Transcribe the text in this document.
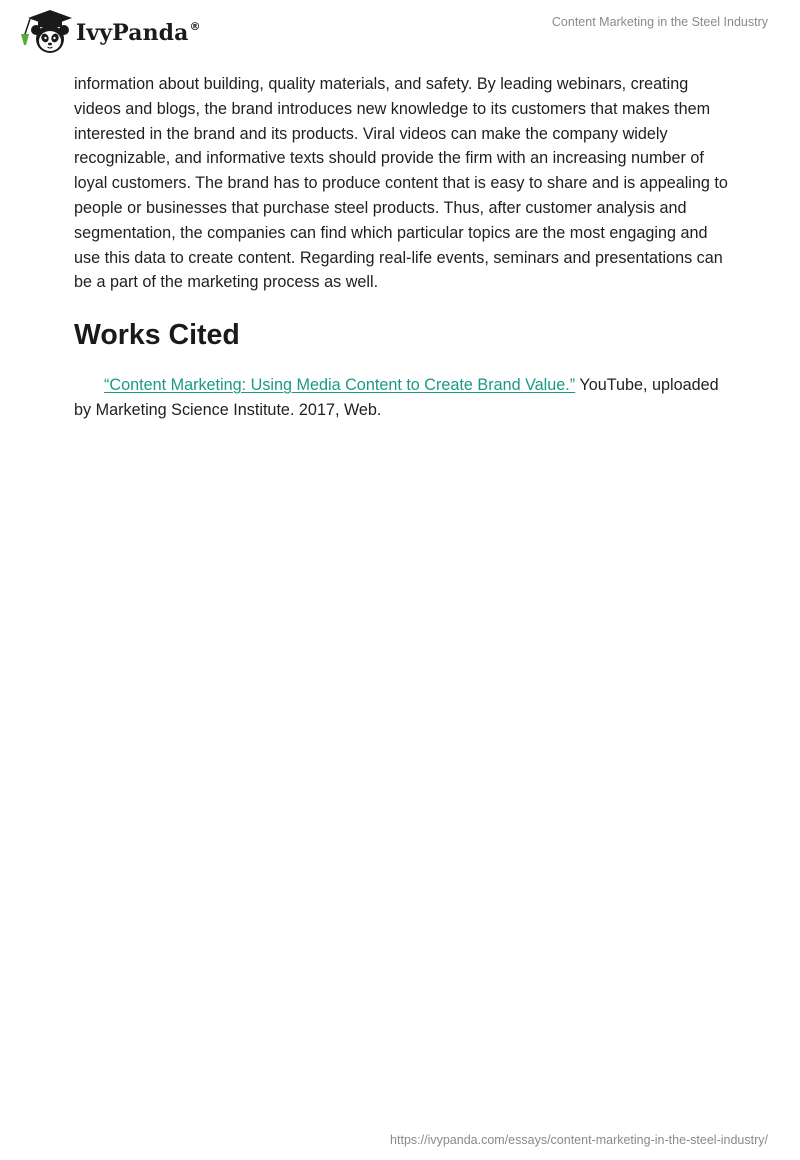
IvyPanda®	Content Marketing in the Steel Industry

information about building, quality materials, and safety. By leading webinars, creating videos and blogs, the brand introduces new knowledge to its customers that makes them interested in the brand and its products. Viral videos can make the company widely recognizable, and informative texts should provide the firm with an increasing number of loyal customers. The brand has to produce content that is easy to share and is appealing to people or businesses that purchase steel products. Thus, after customer analysis and segmentation, the companies can find which particular topics are the most engaging and use this data to create content. Regarding real-life events, seminars and presentations can be a part of the marketing process as well.

Works Cited

“Content Marketing: Using Media Content to Create Brand Value.” YouTube, uploaded by Marketing Science Institute. 2017, Web.

https://ivypanda.com/essays/content-marketing-in-the-steel-industry/
